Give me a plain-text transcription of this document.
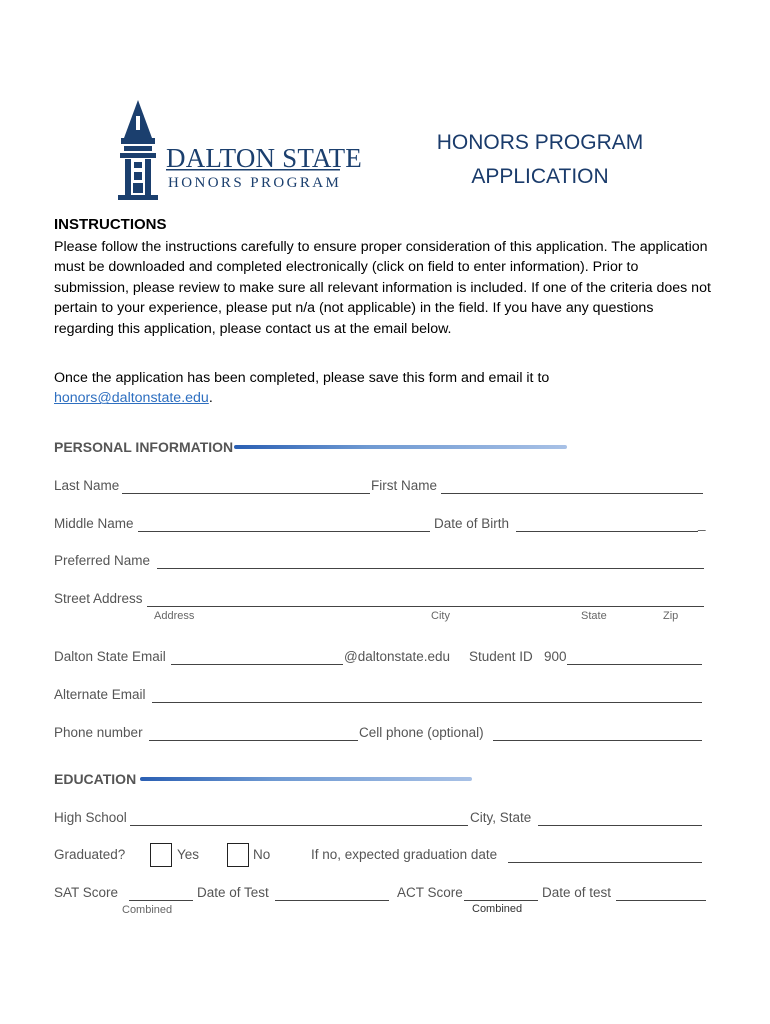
DALTON STATE
HONORS PROGRAM
HONORS PROGRAM
APPLICATION
INSTRUCTIONS
Please follow the instructions carefully to ensure proper consideration of this application. The application must be downloaded and completed electronically (click on field to enter information). Prior to submission, please review to make sure all relevant information is included. If one of the criteria does not pertain to your experience, please put n/a (not applicable) in the field. If you have any questions regarding this application, please contact us at the email below.
Once the application has been completed, please save this form and email it to
honors@daltonstate.edu.
PERSONAL INFORMATION
Last Name	First Name
Middle Name	Date of Birth	_
Preferred Name
Street Address
Address	City	State	Zip
Dalton State Email	@daltonstate.edu Student ID 900
Alternate Email
Phone number	Cell phone (optional)
EDUCATION
High School	City, State
Graduated?	Yes	No	If no, expected graduation date
SAT Score	Date of Test	ACT Score	Date of test
Combined	Combined
